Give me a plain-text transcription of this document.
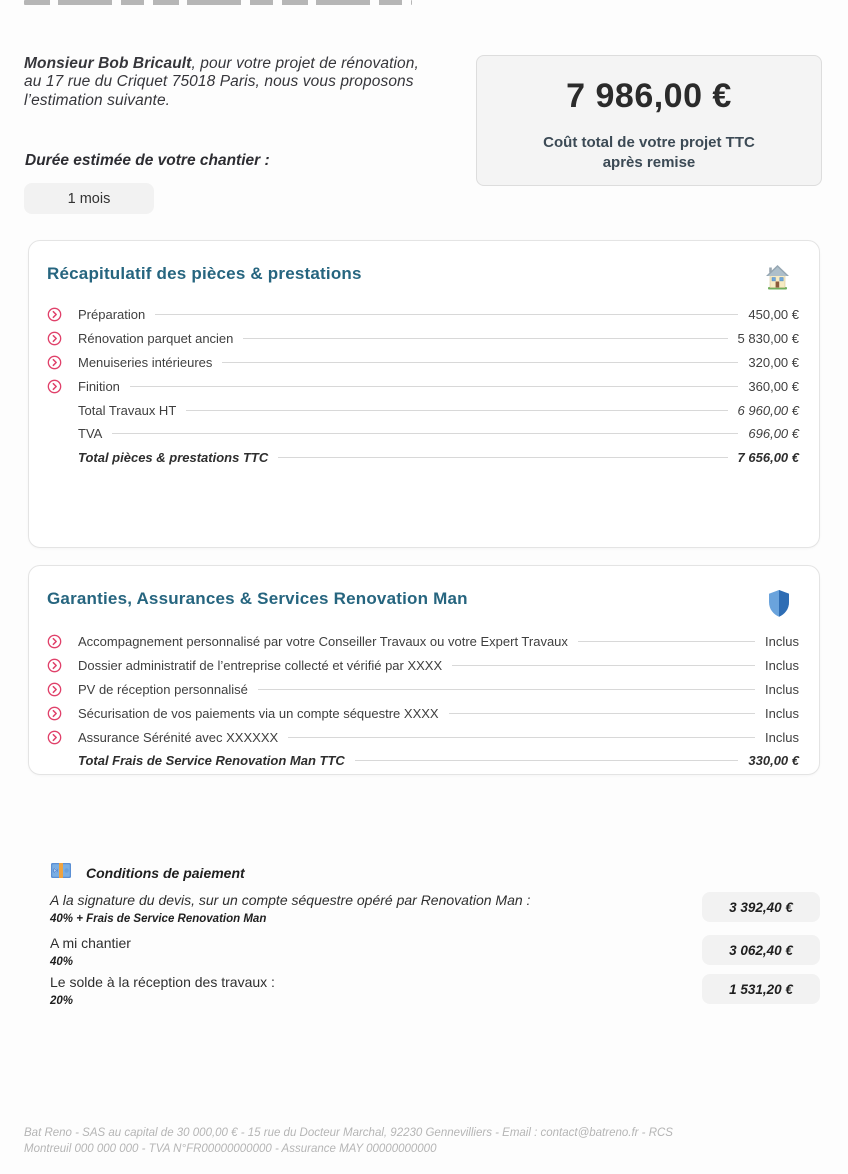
Monsieur Bob Bricault, pour votre projet de rénovation, au 17 rue du Criquet 75018 Paris, nous vous proposons l’estimation suivante.	7 986,00 €
Coût total de votre projet TTC après remise
Durée estimée de votre chantier :
1 mois
Récapitulatif des pièces & prestations
Préparation	450,00 €
Rénovation parquet ancien	5 830,00 €
Menuiseries intérieures	320,00 €
Finition	360,00 €
Total Travaux HT	6 960,00 €
TVA	696,00 €
Total pièces & prestations TTC	7 656,00 €
Garanties, Assurances & Services Renovation Man
Accompagnement personnalisé par votre Conseiller Travaux ou votre Expert Travaux	Inclus
Dossier administratif de l’entreprise collecté et vérifié par XXXX	Inclus
PV de réception personnalisé	Inclus
Sécurisation de vos paiements via un compte séquestre XXXX	Inclus
Assurance Sérénité avec XXXXXX	Inclus
Total Frais de Service Renovation Man TTC	330,00 €
€ Conditions de paiement
A la signature du devis, sur un compte séquestre opéré par Renovation Man :
40% + Frais de Service Renovation Man
3 392,40 €
A mi chantier
40%
3 062,40 €
Le solde à la réception des travaux :
20%
1 531,20 €
Bat Reno - SAS au capital de 30 000,00 € - 15 rue du Docteur Marchal, 92230 Gennevilliers - Email : contact@batreno.fr - RCS
Montreuil 000 000 000 - TVA N°FR00000000000 - Assurance MAY 00000000000
